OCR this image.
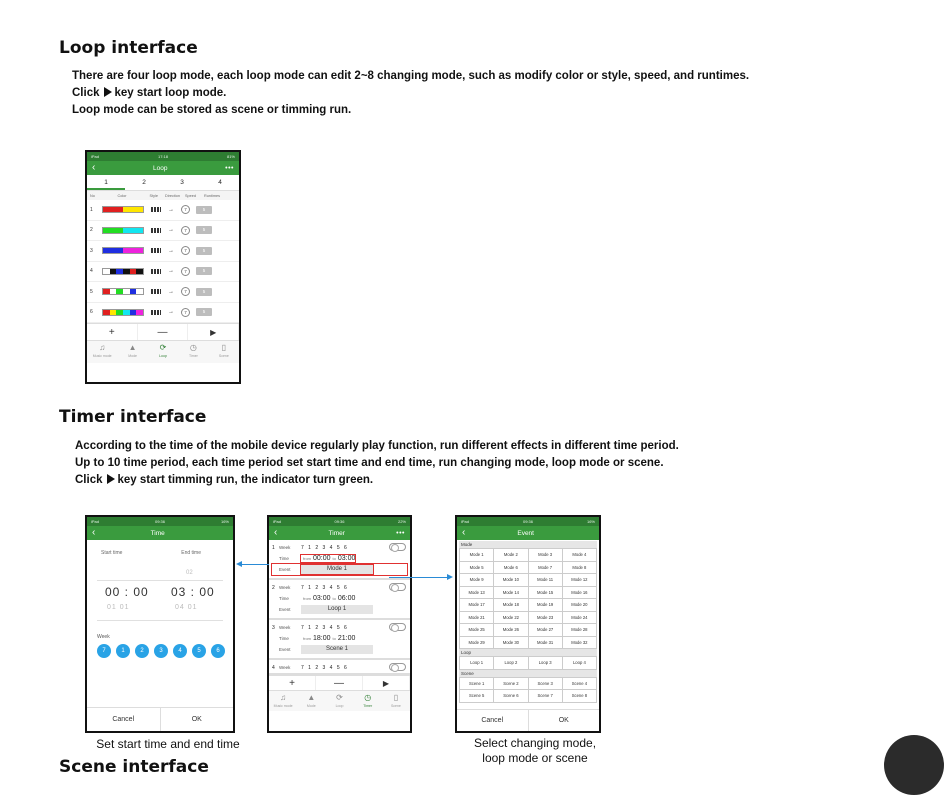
Loop interface
There are four loop mode, each loop mode can edit 2~8 changing mode, such as modify color or style, speed, and runtimes.
Click key start loop mode.
Loop mode can be stored as scene or timming run.
iPad	17:18	81%
‹	Loop	•••
1	2	3	4
No	Color	Style	Direction	Speed	Runtimes
1	→	7	5
2	→	7	5
3	→	7	5
4	→	7	5
5	→	7	5
6	→	7	5
+	—	▶
♫
Music mode
▲
Mode
⟳
Loop
◷
Timer
▯
Scene
Timer interface
According to the time of the mobile device regularly play function, run different effects in different time period.
Up to 10 time period, each time period set start time and end time, run changing mode, loop mode or scene.
Click key start timming run, the indicator turn green.
iPad	09:36	16%
‹	Time
Start time	End time
02
00 : 00 03 : 00
01 01	04 01
Week
7	1	2	3	4	5	6
Cancel	OK
iPad	09:36	22%
‹	Timer	•••
1 Week	7 1 2 3 4 5 6
Time	from 00:00 to 03:00
Event	Mode 1
2 Week	7 1 2 3 4 5 6
Time	from 03:00 to 06:00
Event	Loop 1
3 Week	7 1 2 3 4 5 6
Time	from 18:00 to 21:00
Event	Scene 1
4 Week	7 1 2 3 4 5 6
+	—	▶
♫
Music mode
▲
Mode
⟳
Loop
◷
Timer
▯
Scene
iPad	09:36	16%
‹	Event
Mode
Mode 1	Mode 2	Mode 3	Mode 4
Mode 5	Mode 6	Mode 7	Mode 8
Mode 9	Mode 10	Mode 11	Mode 12
Mode 13	Mode 14	Mode 15	Mode 16
Mode 17	Mode 18	Mode 19	Mode 20
Mode 21	Mode 22	Mode 23	Mode 24
Mode 25	Mode 26	Mode 27	Mode 28
Mode 29	Mode 30	Mode 31	Mode 32
Loop
Loop 1	Loop 2	Loop 3	Loop 4
Scene
Scene 1	Scene 2	Scene 3	Scene 4
Scene 5	Scene 6	Scene 7	Scene 8
Cancel	OK
Set start time and end time	Select changing mode,
loop mode or scene
Scene interface
